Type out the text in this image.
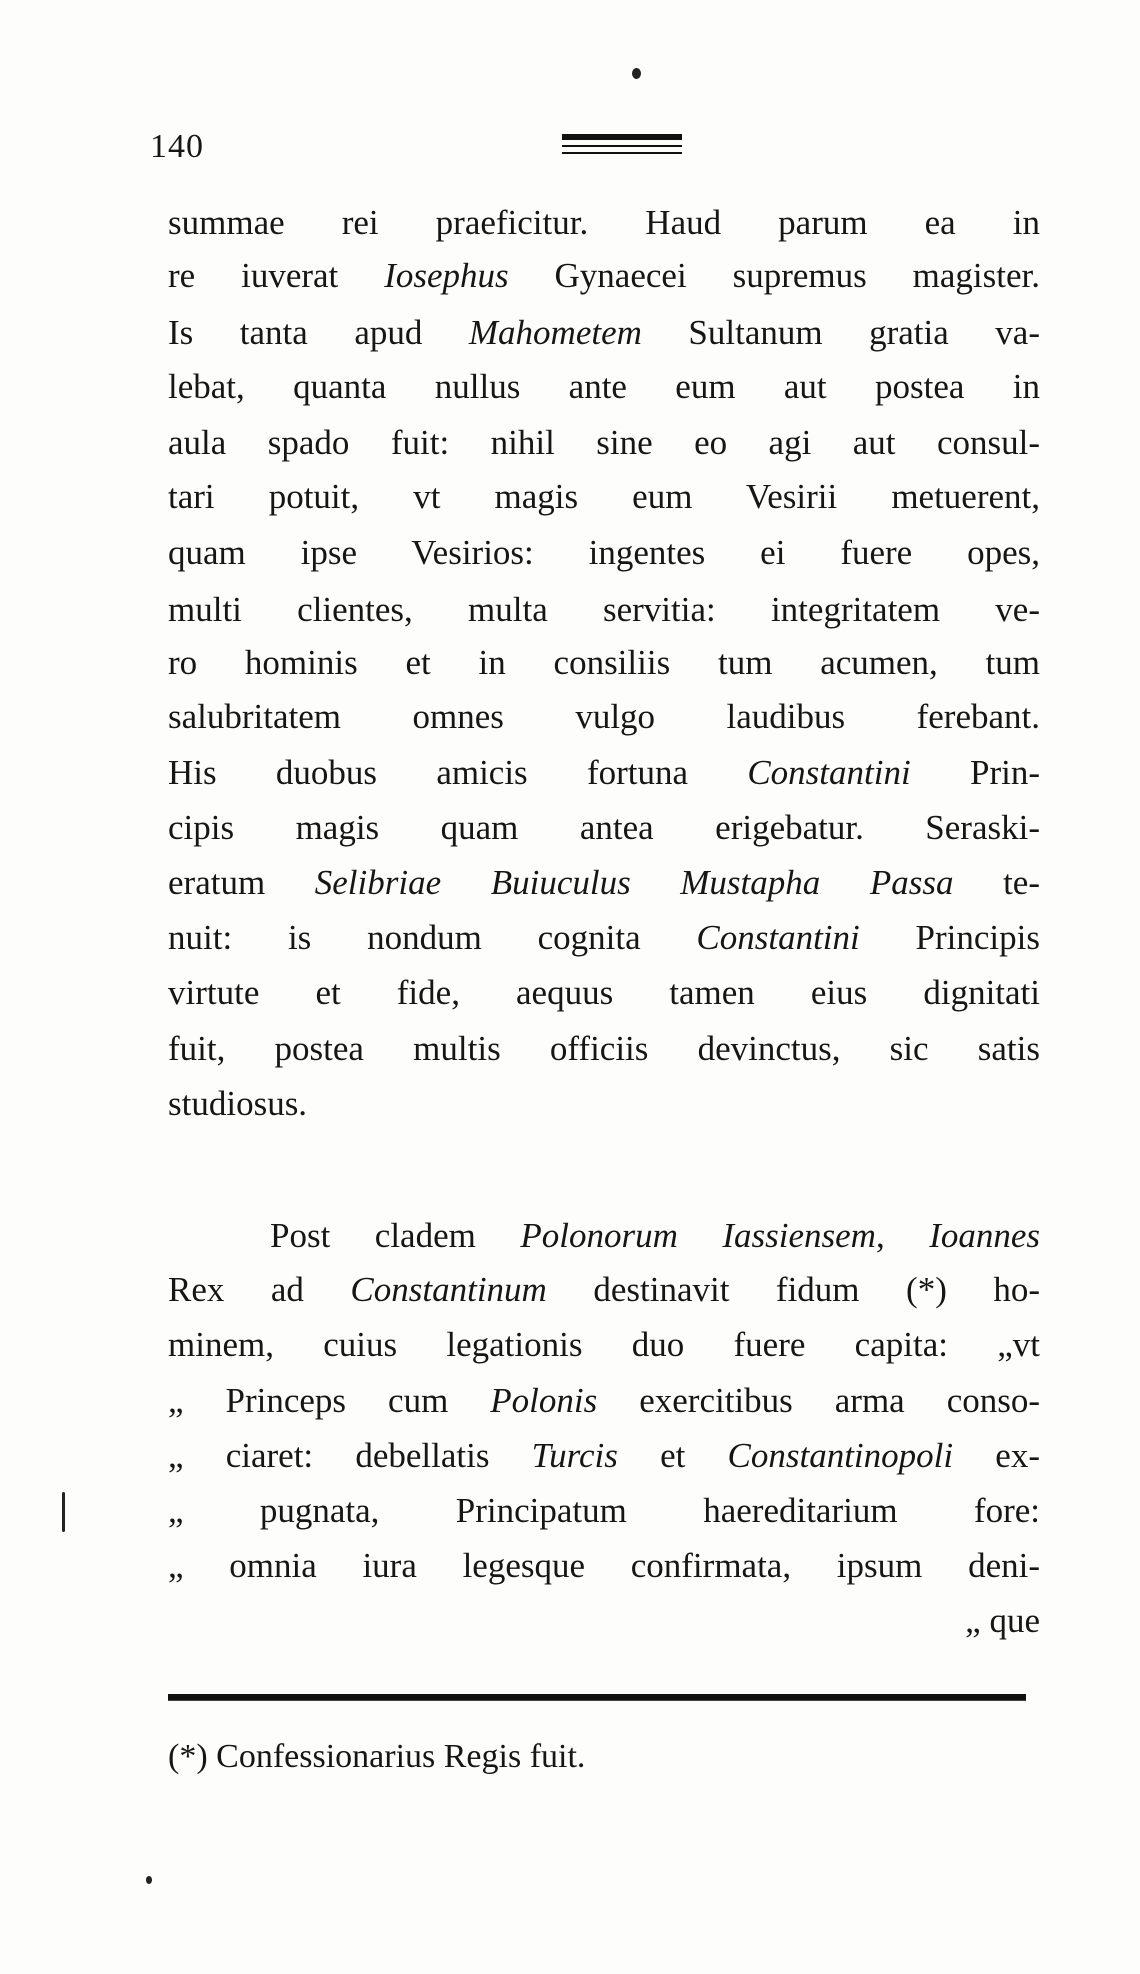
140
summae rei praeficitur. Haud parum ea in
re iuverat Iosephus Gynaecei supremus magister.
Is tanta apud Mahometem Sultanum gratia va-
lebat, quanta nullus ante eum aut postea in
aula spado fuit: nihil sine eo agi aut consul-
tari potuit, vt magis eum Vesirii metuerent,
quam ipse Vesirios: ingentes ei fuere opes,
multi clientes, multa servitia: integritatem ve-
ro hominis et in consiliis tum acumen, tum
salubritatem omnes vulgo laudibus ferebant.
His duobus amicis fortuna Constantini Prin-
cipis magis quam antea erigebatur. Seraski-
eratum Selibriae Buiuculus Mustapha Passa te-
nuit: is nondum cognita Constantini Principis
virtute et fide, aequus tamen eius dignitati
fuit, postea multis officiis devinctus, sic satis
studiosus.
Post cladem Polonorum Iassiensem, Ioannes
Rex ad Constantinum destinavit fidum (*) ho-
minem, cuius legationis duo fuere capita: „vt
„ Princeps cum Polonis exercitibus arma conso-
„ ciaret: debellatis Turcis et Constantinopoli ex-
„ pugnata, Principatum haereditarium fore:
„ omnia iura legesque confirmata, ipsum deni-
„ que
(*) Confessionarius Regis fuit.
